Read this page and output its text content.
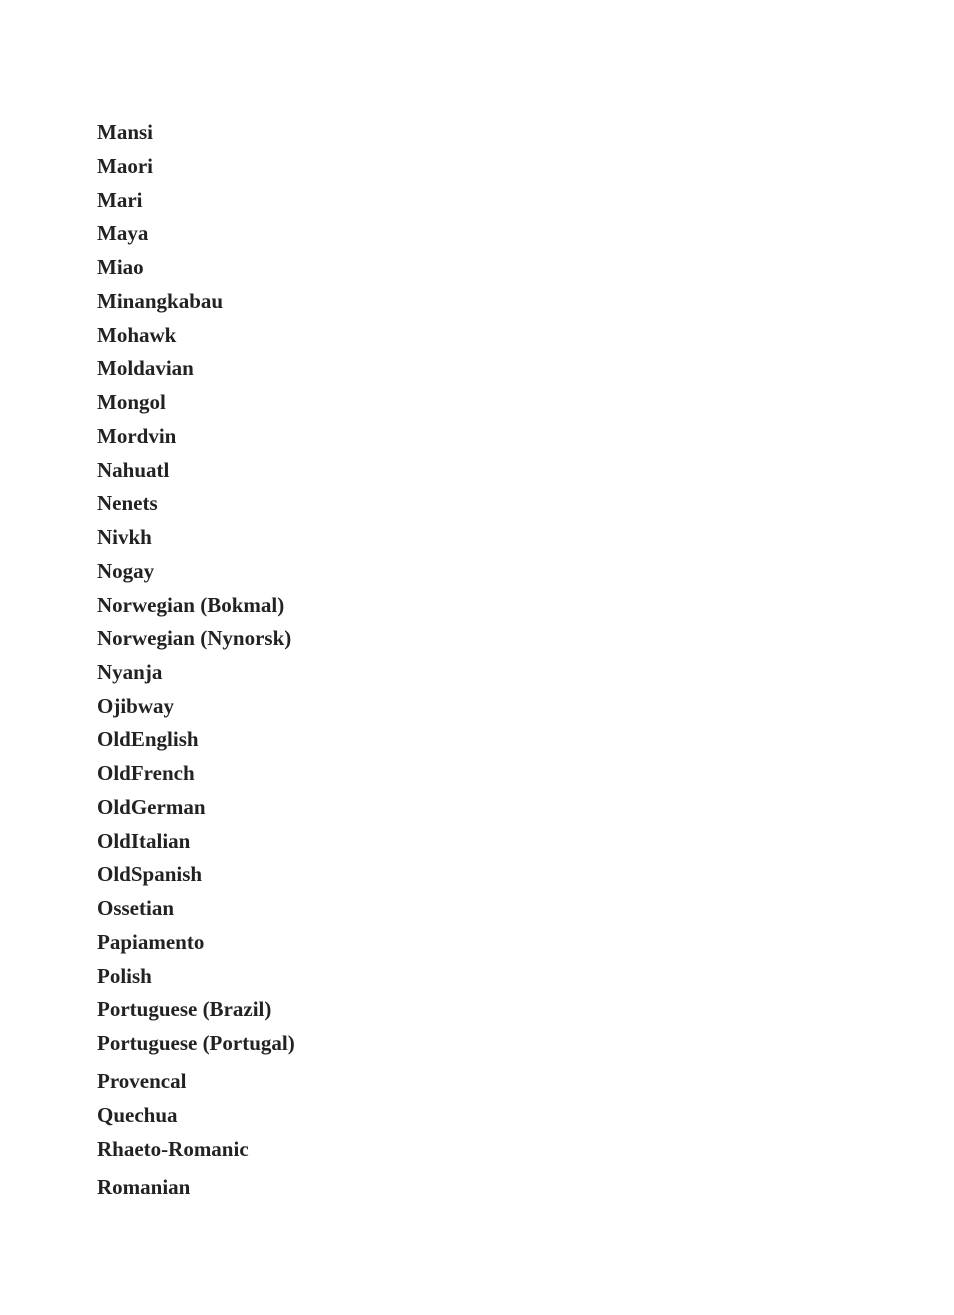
Mansi
Maori
Mari
Maya
Miao
Minangkabau
Mohawk
Moldavian
Mongol
Mordvin
Nahuatl
Nenets
Nivkh
Nogay
Norwegian (Bokmal)
Norwegian (Nynorsk)
Nyanja
Ojibway
OldEnglish
OldFrench
OldGerman
OldItalian
OldSpanish
Ossetian
Papiamento
Polish
Portuguese (Brazil)
Portuguese (Portugal)
Provencal
Quechua
Rhaeto-Romanic
Romanian
